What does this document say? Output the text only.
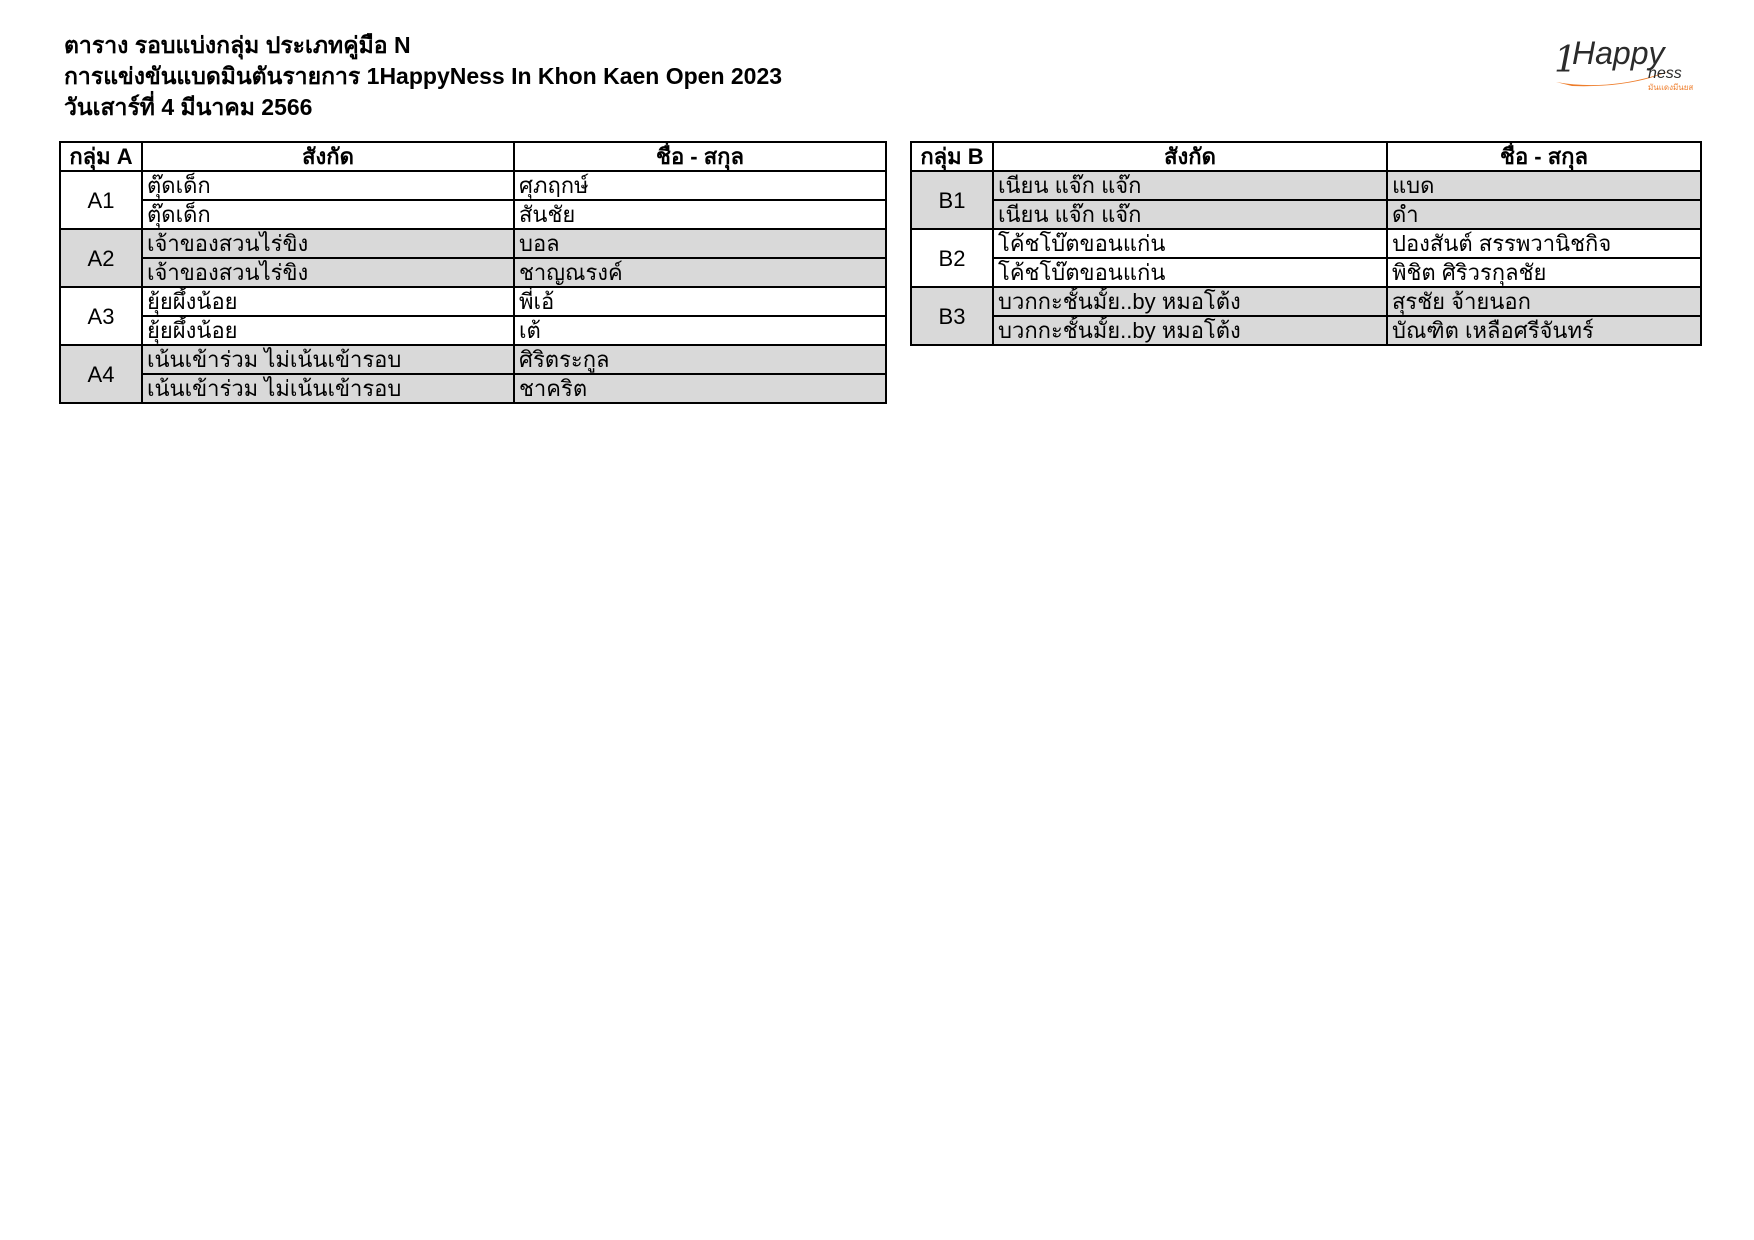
ตาราง รอบแบ่งกลุ่ม ประเภทคู่มือ N
การแข่งขันแบดมินตันรายการ 1HappyNess In Khon Kaen Open 2023
วันเสาร์ที่ 4 มีนาคม 2566
1
Happy
ness
มันแดงมีนยส
กลุ่ม A	สังกัด	ชื่อ - สกุล
A1	ตุ๊ดเด็ก	ศุภฤกษ์
	ตุ๊ดเด็ก	สันชัย
A2	เจ้าของสวนไร่ขิง	บอล
	เจ้าของสวนไร่ขิง	ชาญณรงค์
A3	ยุ้ยผึ้งน้อย	พี่เอ้
	ยุ้ยผึ้งน้อย	เต้
A4	เน้นเข้าร่วม ไม่เน้นเข้ารอบ	ศิริตระกูล
	เน้นเข้าร่วม ไม่เน้นเข้ารอบ	ชาคริต
กลุ่ม B	สังกัด	ชื่อ - สกุล
B1	เนียน แจ๊ก แจ๊ก	แบด
	เนียน แจ๊ก แจ๊ก	ดำ
B2	โค้ชโบ๊ตขอนแก่น	ปองสันต์ สรรพวานิชกิจ
	โค้ชโบ๊ตขอนแก่น	พิชิต ศิริวรกุลชัย
B3	บวกกะชั้นมั้ย..by หมอโต้ง	สุรชัย จ้ายนอก
	บวกกะชั้นมั้ย..by หมอโต้ง	บัณฑิต เหลือศรีจันทร์
